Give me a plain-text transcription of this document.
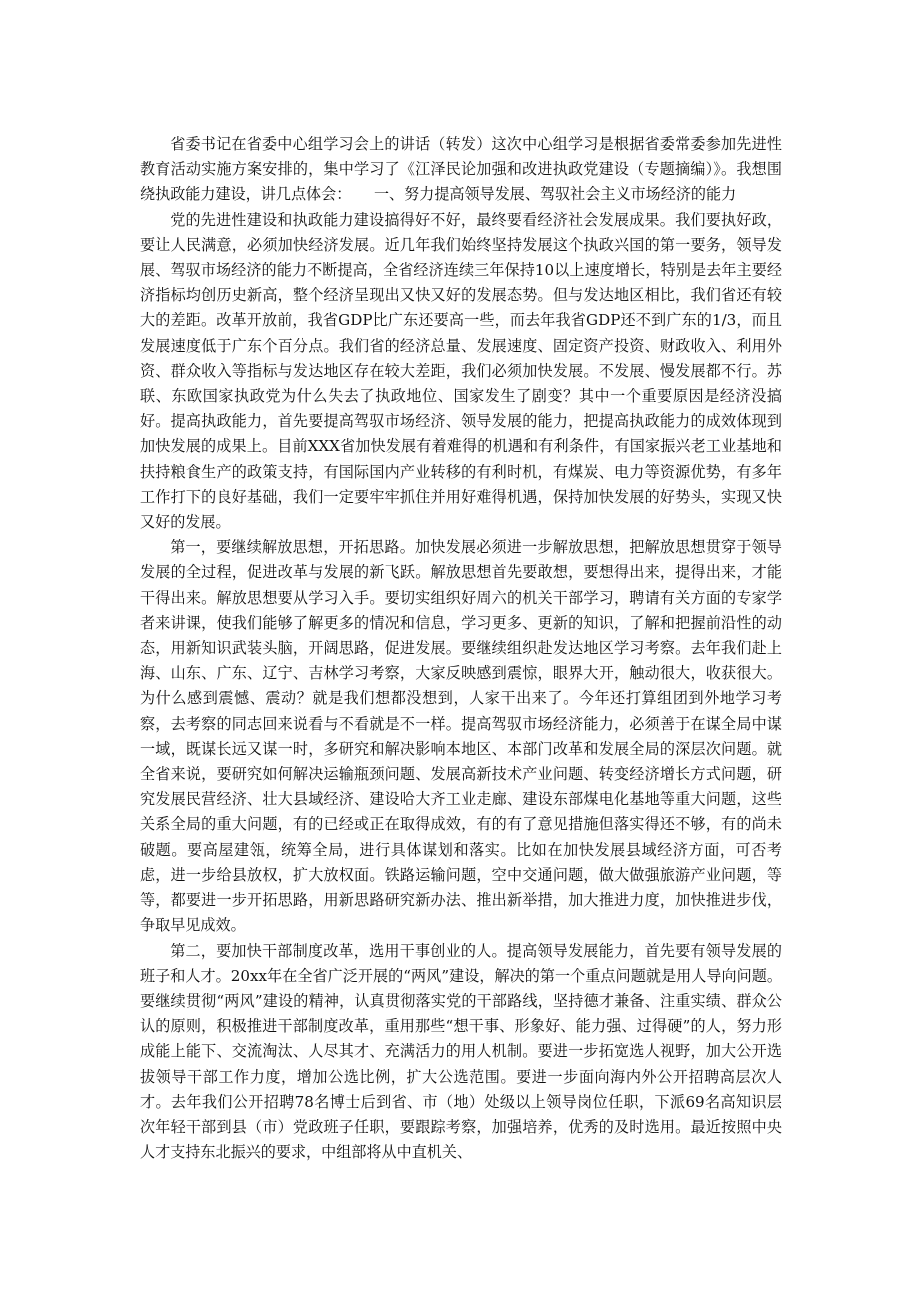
省委书记在省委中心组学习会上的讲话（转发）这次中心组学习是根据省委常委参加先进性教育活动实施方案安排的，集中学习了《江泽民论加强和改进执政党建设（专题摘编）》。我想围绕执政能力建设，讲几点体会：　　一、努力提高领导发展、驾驭社会主义市场经济的能力

党的先进性建设和执政能力建设搞得好不好，最终要看经济社会发展成果。我们要执好政，要让人民满意，必须加快经济发展。近几年我们始终坚持发展这个执政兴国的第一要务，领导发展、驾驭市场经济的能力不断提高，全省经济连续三年保持10以上速度增长，特别是去年主要经济指标均创历史新高，整个经济呈现出又快又好的发展态势。但与发达地区相比，我们省还有较大的差距。改革开放前，我省GDP比广东还要高一些，而去年我省GDP还不到广东的1/3，而且发展速度低于广东个百分点。我们省的经济总量、发展速度、固定资产投资、财政收入、利用外资、群众收入等指标与发达地区存在较大差距，我们必须加快发展。不发展、慢发展都不行。苏联、东欧国家执政党为什么失去了执政地位、国家发生了剧变？其中一个重要原因是经济没搞好。提高执政能力，首先要提高驾驭市场经济、领导发展的能力，把提高执政能力的成效体现到加快发展的成果上。目前XXX省加快发展有着难得的机遇和有利条件，有国家振兴老工业基地和扶持粮食生产的政策支持，有国际国内产业转移的有利时机，有煤炭、电力等资源优势，有多年工作打下的良好基础，我们一定要牢牢抓住并用好难得机遇，保持加快发展的好势头，实现又快又好的发展。

第一，要继续解放思想，开拓思路。加快发展必须进一步解放思想，把解放思想贯穿于领导发展的全过程，促进改革与发展的新飞跃。解放思想首先要敢想，要想得出来，提得出来，才能干得出来。解放思想要从学习入手。要切实组织好周六的机关干部学习，聘请有关方面的专家学者来讲课，使我们能够了解更多的情况和信息，学习更多、更新的知识，了解和把握前沿性的动态，用新知识武装头脑，开阔思路，促进发展。要继续组织赴发达地区学习考察。去年我们赴上海、山东、广东、辽宁、吉林学习考察，大家反映感到震惊，眼界大开，触动很大，收获很大。为什么感到震憾、震动？就是我们想都没想到，人家干出来了。今年还打算组团到外地学习考察，去考察的同志回来说看与不看就是不一样。提高驾驭市场经济能力，必须善于在谋全局中谋一域，既谋长远又谋一时，多研究和解决影响本地区、本部门改革和发展全局的深层次问题。就全省来说，要研究如何解决运输瓶颈问题、发展高新技术产业问题、转变经济增长方式问题，研究发展民营经济、壮大县域经济、建设哈大齐工业走廊、建设东部煤电化基地等重大问题，这些关系全局的重大问题，有的已经或正在取得成效，有的有了意见措施但落实得还不够，有的尚未破题。要高屋建瓴，统筹全局，进行具体谋划和落实。比如在加快发展县域经济方面，可否考虑，进一步给县放权，扩大放权面。铁路运输问题，空中交通问题，做大做强旅游产业问题，等等，都要进一步开拓思路，用新思路研究新办法、推出新举措，加大推进力度，加快推进步伐，争取早见成效。

第二，要加快干部制度改革，选用干事创业的人。提高领导发展能力，首先要有领导发展的班子和人才。20xx年在全省广泛开展的“两风”建设，解决的第一个重点问题就是用人导向问题。要继续贯彻“两风”建设的精神，认真贯彻落实党的干部路线，坚持德才兼备、注重实绩、群众公认的原则，积极推进干部制度改革，重用那些“想干事、形象好、能力强、过得硬”的人，努力形成能上能下、交流淘汰、人尽其才、充满活力的用人机制。要进一步拓宽选人视野，加大公开选拔领导干部工作力度，增加公选比例，扩大公选范围。要进一步面向海内外公开招聘高层次人才。去年我们公开招聘78名博士后到省、市（地）处级以上领导岗位任职，下派69名高知识层次年轻干部到县（市）党政班子任职，要跟踪考察，加强培养，优秀的及时选用。最近按照中央人才支持东北振兴的要求，中组部将从中直机关、
